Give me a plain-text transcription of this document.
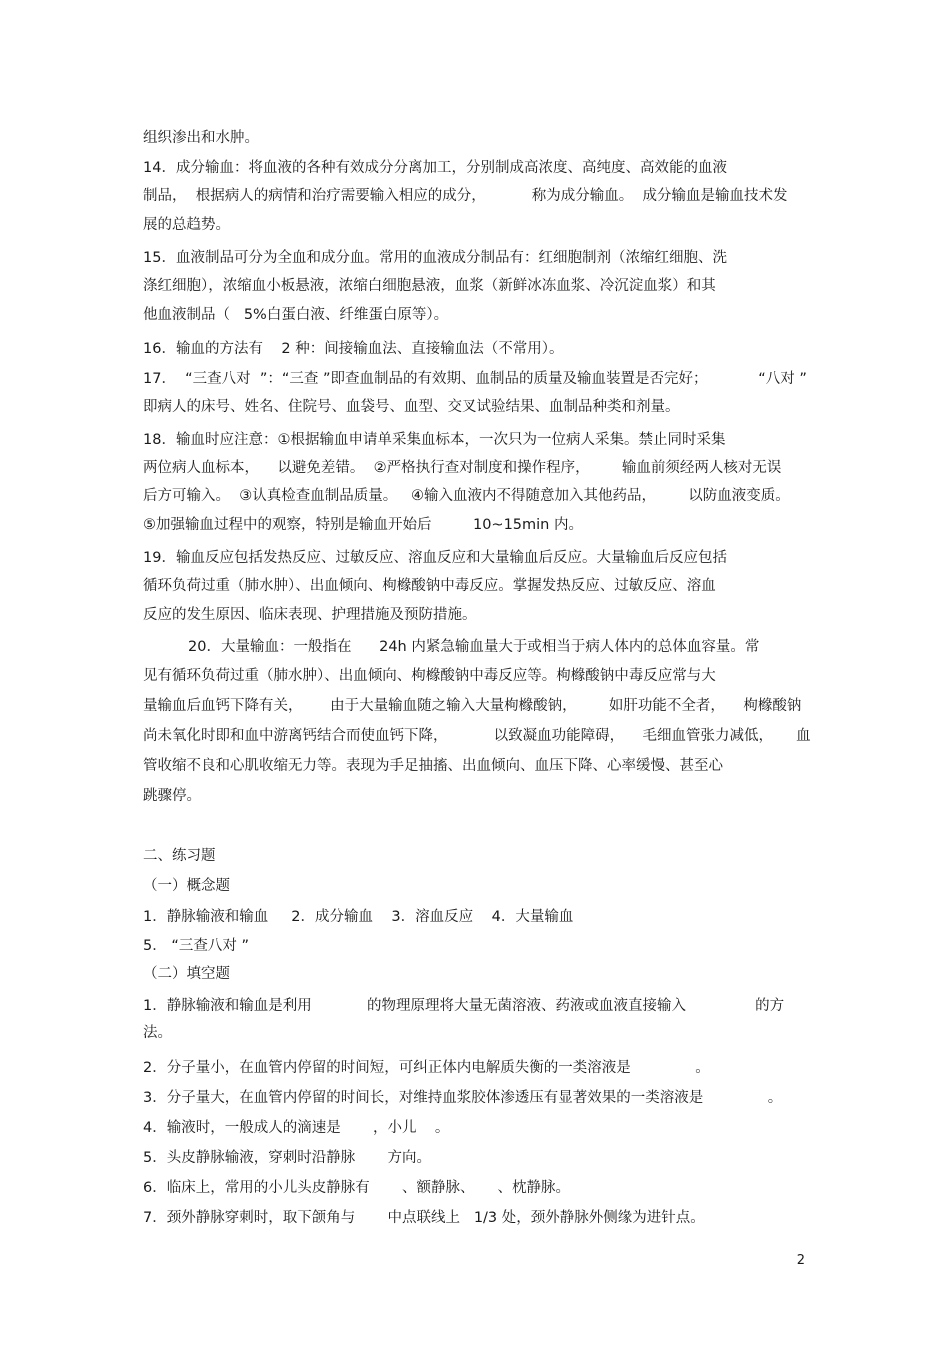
组织渗出和水肿。
14．成分输血：将血液的各种有效成分分离加工，分别制成高浓度、高纯度、高效能的血液
制品，  根据病人的病情和治疗需要输入相应的成分，          称为成分输血。  成分输血是输血技术发
展的总趋势。
15．血液制品可分为全血和成分血。常用的血液成分制品有：红细胞制剂（浓缩红细胞、洗
涤红细胞），浓缩血小板悬液，浓缩白细胞悬液，血浆（新鲜冰冻血浆、冷沉淀血浆）和其
他血液制品（   5%白蛋白液、纤维蛋白原等）。
16．输血的方法有    2 种：间接输血法、直接输血法（不常用）。
17．  “三查八对  ”：“三查 ”即查血制品的有效期、血制品的质量及输血装置是否完好；           “八对 ”
即病人的床号、姓名、住院号、血袋号、血型、交叉试验结果、血制品种类和剂量。
18．输血时应注意：①根据输血申请单采集血标本，一次只为一位病人采集。禁止同时采集
两位病人血标本，    以避免差错。  ②严格执行查对制度和操作程序，       输血前须经两人核对无误
后方可输入。  ③认真检查血制品质量。   ④输入血液内不得随意加入其他药品，       以防血液变质。
⑤加强输血过程中的观察，特别是输血开始后         10~15min 内。
19．输血反应包括发热反应、过敏反应、溶血反应和大量输血后反应。大量输血后反应包括
循环负荷过重（肺水肿）、出血倾向、枸橼酸钠中毒反应。掌握发热反应、过敏反应、溶血
反应的发生原因、临床表现、护理措施及预防措施。
20．大量输血：一般指在      24h 内紧急输血量大于或相当于病人体内的总体血容量。常
见有循环负荷过重（肺水肿）、出血倾向、枸橼酸钠中毒反应等。枸橼酸钠中毒反应常与大
量输血后血钙下降有关，      由于大量输血随之输入大量枸橼酸钠，       如肝功能不全者，    枸橼酸钠
尚未氧化时即和血中游离钙结合而使血钙下降，          以致凝血功能障碍，    毛细血管张力减低，     血
管收缩不良和心肌收缩无力等。表现为手足抽搐、出血倾向、血压下降、心率缓慢、甚至心
跳骤停。
二、练习题
（一）概念题
1．静脉输液和输血     2．成分输血    3．溶血反应    4．大量输血
5． “三查八对 ”
（二）填空题
1．静脉输液和输血是利用            的物理原理将大量无菌溶液、药液或血液直接输入               的方
法。
2．分子量小，在血管内停留的时间短，可纠正体内电解质失衡的一类溶液是              。
3．分子量大，在血管内停留的时间长，对维持血浆胶体渗透压有显著效果的一类溶液是              。
4．输液时，一般成人的滴速是       ，小儿    。
5．头皮静脉输液，穿刺时沿静脉       方向。
6．临床上，常用的小儿头皮静脉有       、额静脉、     、枕静脉。
7．颈外静脉穿刺时，取下颌角与       中点联线上   1/3 处，颈外静脉外侧缘为进针点。
2
